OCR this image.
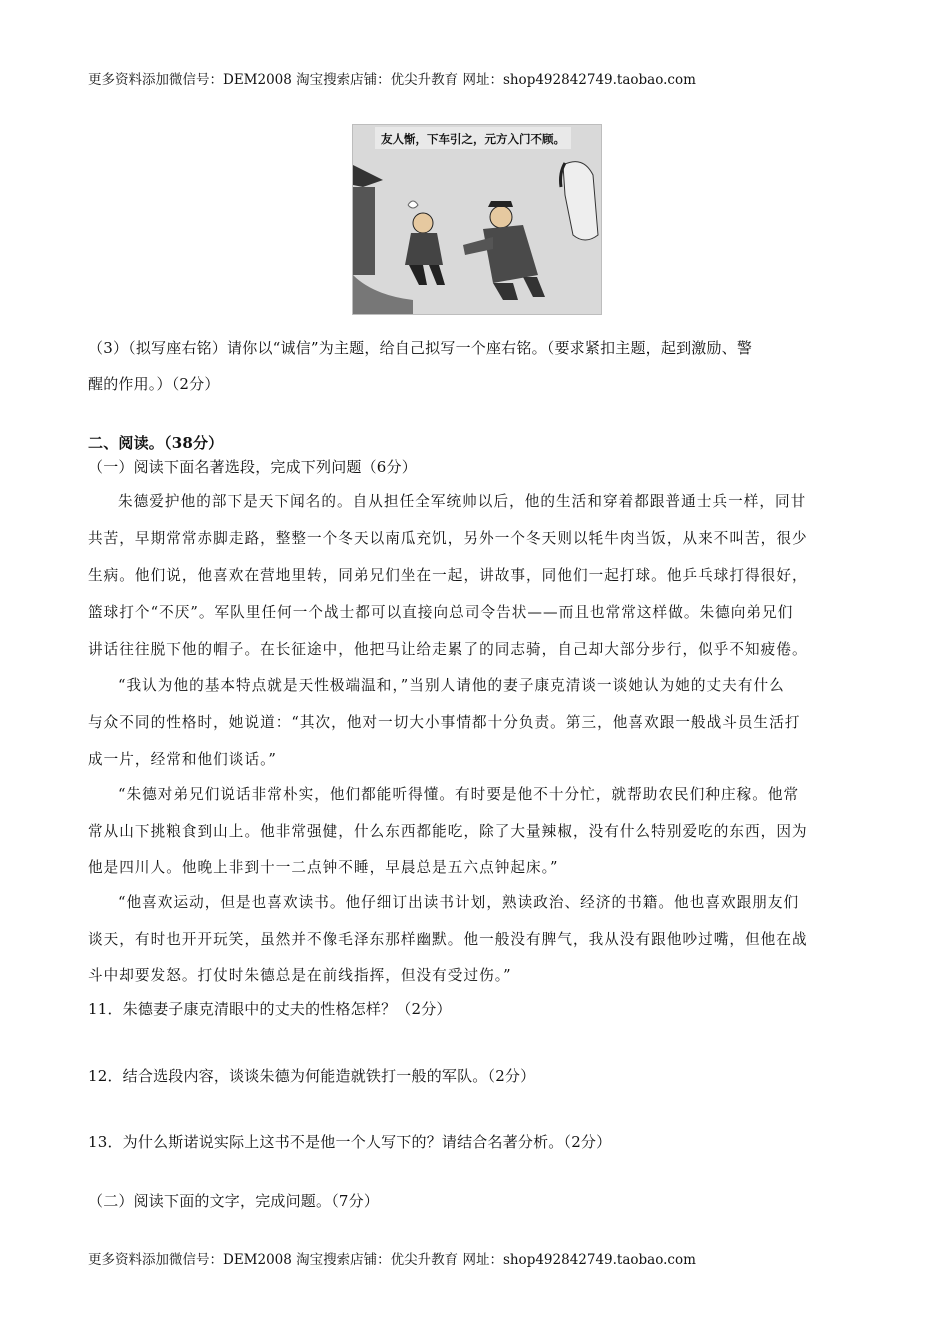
更多资料添加微信号：DEM2008 淘宝搜索店铺：优尖升教育 网址：shop492842749.taobao.com
友人惭，下车引之，元方入门不顾。
（3）（拟写座右铭）请你以“诚信”为主题，给自己拟写一个座右铭。（要求紧扣主题，起到激励、警
醒的作用。）（2分）
二、阅读。（38分）
（一）阅读下面名著选段，完成下列问题（6分）
朱德爱护他的部下是天下闻名的。自从担任全军统帅以后，他的生活和穿着都跟普通士兵一样，同甘
共苦，早期常常赤脚走路，整整一个冬天以南瓜充饥，另外一个冬天则以牦牛肉当饭，从来不叫苦，很少
生病。他们说，他喜欢在营地里转，同弟兄们坐在一起，讲故事，同他们一起打球。他乒乓球打得很好，
篮球打个“不厌”。军队里任何一个战士都可以直接向总司令告状——而且也常常这样做。朱德向弟兄们
讲话往往脱下他的帽子。在长征途中，他把马让给走累了的同志骑，自己却大部分步行，似乎不知疲倦。
“我认为他的基本特点就是天性极端温和，”当别人请他的妻子康克清谈一谈她认为她的丈夫有什么
与众不同的性格时，她说道：“其次，他对一切大小事情都十分负责。第三，他喜欢跟一般战斗员生活打
成一片，经常和他们谈话。”
“朱德对弟兄们说话非常朴实，他们都能听得懂。有时要是他不十分忙，就帮助农民们种庄稼。他常
常从山下挑粮食到山上。他非常强健，什么东西都能吃，除了大量辣椒，没有什么特别爱吃的东西，因为
他是四川人。他晚上非到十一二点钟不睡，早晨总是五六点钟起床。”
“他喜欢运动，但是也喜欢读书。他仔细订出读书计划，熟读政治、经济的书籍。他也喜欢跟朋友们
谈天，有时也开开玩笑，虽然并不像毛泽东那样幽默。他一般没有脾气，我从没有跟他吵过嘴，但他在战
斗中却要发怒。打仗时朱德总是在前线指挥，但没有受过伤。”
11．朱德妻子康克清眼中的丈夫的性格怎样？（2分）
12．结合选段内容，谈谈朱德为何能造就铁打一般的军队。（2分）
13．为什么斯诺说实际上这书不是他一个人写下的？请结合名著分析。（2分）
（二）阅读下面的文字，完成问题。（7分）
更多资料添加微信号：DEM2008 淘宝搜索店铺：优尖升教育 网址：shop492842749.taobao.com
